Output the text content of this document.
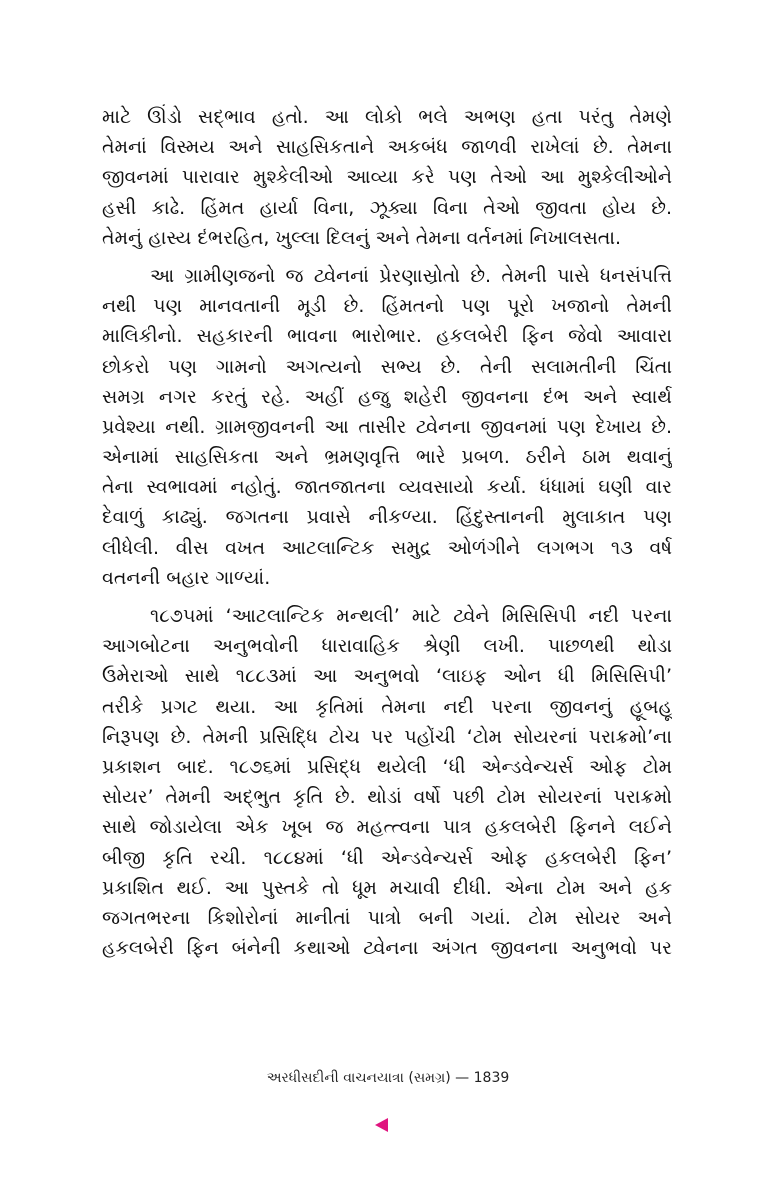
માટે ઊંડો સદ્ભાવ હતો. આ લોકો ભલે અભણ હતા પરંતુ તેમણે
તેમનાં વિસ્મય અને સાહસિકતાને અકબંધ જાળવી રાખેલાં છે. તેમના
જીવનમાં પારાવાર મુશ્કેલીઓ આવ્યા કરે પણ તેઓ આ મુશ્કેલીઓને
હસી કાઢે. હિંમત હાર્યા વિના, ઝૂક્યા વિના તેઓ જીવતા હોય છે.
તેમનું હાસ્ય દંભરહિત, ખુલ્લા દિલનું અને તેમના વર્તનમાં નિખાલસતા.
આ ગ્રામીણજનો જ ટ્વેનનાં પ્રેરણાસ્રોતો છે. તેમની પાસે ધનસંપત્તિ
નથી પણ માનવતાની મૂડી છે. હિંમતનો પણ પૂરો ખજાનો તેમની
માલિકીનો. સહકારની ભાવના ભારોભાર. હકલબેરી ફિન જેવો આવારા
છોકરો પણ ગામનો અગત્યનો સભ્ય છે. તેની સલામતીની ચિંતા
સમગ્ર નગર કરતું રહે. અહીં હજુ શહેરી જીવનના દંભ અને સ્વાર્થ
પ્રવેશ્યા નથી. ગ્રામજીવનની આ તાસીર ટ્વેનના જીવનમાં પણ દેખાય છે.
એનામાં સાહસિકતા અને ભ્રમણવૃત્તિ ભારે પ્રબળ. ઠરીને ઠામ થવાનું
તેના સ્વભાવમાં નહોતું. જાતજાતના વ્યવસાયો કર્યા. ધંધામાં ઘણી વાર
દેવાળું કાઢ્યું. જગતના પ્રવાસે નીકળ્યા. હિંદુસ્તાનની મુલાકાત પણ
લીધેલી. વીસ વખત આટલાન્ટિક સમુદ્ર ઓળંગીને લગભગ ૧૩ વર્ષ
વતનની બહાર ગાળ્યાં.
૧૮૭૫માં ‘આટલાન્ટિક મન્થલી’ માટે ટ્વેને મિસિસિપી નદી પરના
આગબોટના અનુભવોની ધારાવાહિક શ્રેણી લખી. પાછળથી થોડા
ઉમેરાઓ સાથે ૧૮૮૩માં આ અનુભવો ‘લાઇફ ઓન ધી મિસિસિપી’
તરીકે પ્રગટ થયા. આ કૃતિમાં તેમના નદી પરના જીવનનું હૂબહૂ
નિરૂપણ છે. તેમની પ્રસિદ્ધિ ટોચ પર પહોંચી ‘ટોમ સોયરનાં પરાક્રમો’ના
પ્રકાશન બાદ. ૧૮૭૬માં પ્રસિદ્ધ થયેલી ‘ધી એન્ડવેન્ચર્સ ઓફ ટોમ
સોયર’ તેમની અદ્ભુત કૃતિ છે. થોડાં વર્ષો પછી ટોમ સોયરનાં પરાક્રમો
સાથે જોડાયેલા એક ખૂબ જ મહત્ત્વના પાત્ર હકલબેરી ફિનને લઈને
બીજી કૃતિ રચી. ૧૮૮૪માં ‘ધી એન્ડવેન્ચર્સ ઓફ હકલબેરી ફિન’
પ્રકાશિત થઈ. આ પુસ્તકે તો ધૂમ મચાવી દીધી. એના ટોમ અને હક
જગતભરના કિશોરોનાં માનીતાં પાત્રો બની ગયાં. ટોમ સોયર અને
હકલબેરી ફિન બંનેની કથાઓ ટ્વેનના અંગત જીવનના અનુભવો પર
અરધીસદીની વાચનયાત્રા (સમગ્ર) — 1839
